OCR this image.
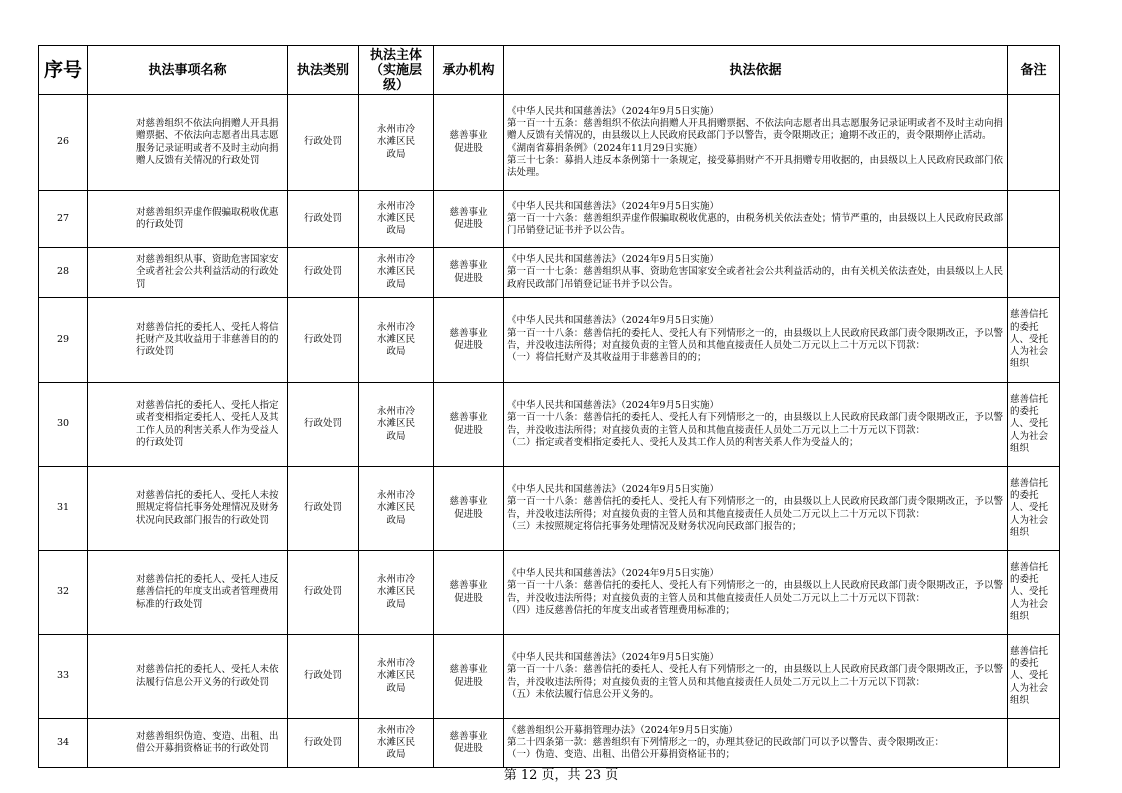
序号	执法事项名称	执法类别	执法主体（实施层级）	承办机构	执法依据	备注
26	对慈善组织不依法向捐赠人开具捐赠票据、不依法向志愿者出具志愿服务记录证明或者不及时主动向捐赠人反馈有关情况的行政处罚	行政处罚	永州市冷水滩区民政局	慈善事业促进股	《中华人民共和国慈善法》（2024年9月5日实施）
第一百一十五条：慈善组织不依法向捐赠人开具捐赠票据、不依法向志愿者出具志愿服务记录证明或者不及时主动向捐赠人反馈有关情况的，由县级以上人民政府民政部门予以警告，责令限期改正；逾期不改正的，责令限期停止活动。
《湖南省募捐条例》（2024年11月29日实施）
第三十七条：募捐人违反本条例第十一条规定，接受募捐财产不开具捐赠专用收据的，由县级以上人民政府民政部门依法处理。	

27	对慈善组织弄虚作假骗取税收优惠的行政处罚	行政处罚	永州市冷水滩区民政局	慈善事业促进股	《中华人民共和国慈善法》（2024年9月5日实施）
第一百一十六条：慈善组织弄虚作假骗取税收优惠的，由税务机关依法查处；情节严重的，由县级以上人民政府民政部门吊销登记证书并予以公告。	

28	对慈善组织从事、资助危害国家安全或者社会公共利益活动的行政处罚	行政处罚	永州市冷水滩区民政局	慈善事业促进股	《中华人民共和国慈善法》（2024年9月5日实施）
第一百一十七条：慈善组织从事、资助危害国家安全或者社会公共利益活动的，由有关机关依法查处，由县级以上人民政府民政部门吊销登记证书并予以公告。	

29	对慈善信托的委托人、受托人将信托财产及其收益用于非慈善目的的行政处罚	行政处罚	永州市冷水滩区民政局	慈善事业促进股	《中华人民共和国慈善法》（2024年9月5日实施）
第一百一十八条：慈善信托的委托人、受托人有下列情形之一的，由县级以上人民政府民政部门责令限期改正，予以警告，并没收违法所得；对直接负责的主管人员和其他直接责任人员处二万元以上二十万元以下罚款：
（一）将信托财产及其收益用于非慈善目的的；	慈善信托的委托人、受托人为社会组织
30	对慈善信托的委托人、受托人指定或者变相指定委托人、受托人及其工作人员的利害关系人作为受益人的行政处罚	行政处罚	永州市冷水滩区民政局	慈善事业促进股	《中华人民共和国慈善法》（2024年9月5日实施）
第一百一十八条：慈善信托的委托人、受托人有下列情形之一的，由县级以上人民政府民政部门责令限期改正，予以警告，并没收违法所得；对直接负责的主管人员和其他直接责任人员处二万元以上二十万元以下罚款：
（二）指定或者变相指定委托人、受托人及其工作人员的利害关系人作为受益人的；	慈善信托的委托人、受托人为社会组织
31	对慈善信托的委托人、受托人未按照规定将信托事务处理情况及财务状况向民政部门报告的行政处罚	行政处罚	永州市冷水滩区民政局	慈善事业促进股	《中华人民共和国慈善法》（2024年9月5日实施）
第一百一十八条：慈善信托的委托人、受托人有下列情形之一的，由县级以上人民政府民政部门责令限期改正，予以警告，并没收违法所得；对直接负责的主管人员和其他直接责任人员处二万元以上二十万元以下罚款：
（三）未按照规定将信托事务处理情况及财务状况向民政部门报告的；	慈善信托的委托人、受托人为社会组织
32	对慈善信托的委托人、受托人违反慈善信托的年度支出或者管理费用标准的行政处罚	行政处罚	永州市冷水滩区民政局	慈善事业促进股	《中华人民共和国慈善法》（2024年9月5日实施）
第一百一十八条：慈善信托的委托人、受托人有下列情形之一的，由县级以上人民政府民政部门责令限期改正，予以警告，并没收违法所得；对直接负责的主管人员和其他直接责任人员处二万元以上二十万元以下罚款：
（四）违反慈善信托的年度支出或者管理费用标准的；	慈善信托的委托人、受托人为社会组织
33	对慈善信托的委托人、受托人未依法履行信息公开义务的行政处罚	行政处罚	永州市冷水滩区民政局	慈善事业促进股	《中华人民共和国慈善法》（2024年9月5日实施）
第一百一十八条：慈善信托的委托人、受托人有下列情形之一的，由县级以上人民政府民政部门责令限期改正，予以警告，并没收违法所得；对直接负责的主管人员和其他直接责任人员处二万元以上二十万元以下罚款：
（五）未依法履行信息公开义务的。	慈善信托的委托人、受托人为社会组织
34	对慈善组织伪造、变造、出租、出借公开募捐资格证书的行政处罚	行政处罚	永州市冷水滩区民政局	慈善事业促进股	《慈善组织公开募捐管理办法》（2024年9月5日实施）
第二十四条第一款：慈善组织有下列情形之一的，办理其登记的民政部门可以予以警告、责令限期改正：
（一）伪造、变造、出租、出借公开募捐资格证书的；	

第 12 页，共 23 页
